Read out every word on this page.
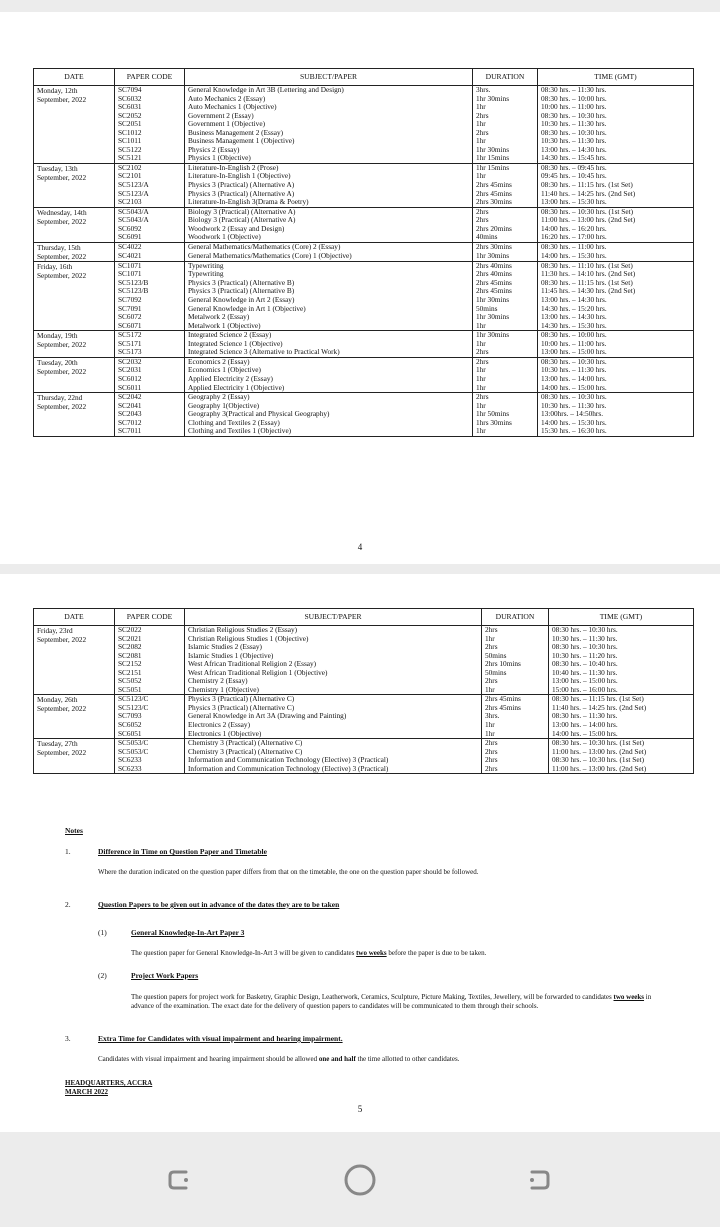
DATE	PAPER CODE	SUBJECT/PAPER	DURATION	TIME (GMT)

Monday, 12th
September, 2022	SC7094	General Knowledge in Art 3B (Lettering and Design)	3hrs.	08:30 hrs. – 11:30 hrs.
	SC6032	Auto Mechanics 2 (Essay)	1hr 30mins	08:30 hrs. – 10:00 hrs.
	SC6031	Auto Mechanics 1 (Objective)	1hr	10:00 hrs. – 11:00 hrs.
	SC2052	Government 2 (Essay)	2hrs	08:30 hrs. – 10:30 hrs.
	SC2051	Government 1 (Objective)	1hr	10:30 hrs. – 11:30 hrs.
	SC1012	Business Management 2 (Essay)	2hrs	08:30 hrs. – 10:30 hrs.
	SC1011	Business Management 1 (Objective)	1hr	10:30 hrs. – 11:30 hrs.
	SC5122	Physics 2 (Essay)	1hr 30mins	13:00 hrs. – 14:30 hrs.
	SC5121	Physics 1 (Objective)	1hr 15mins	14:30 hrs. – 15:45 hrs.

Tuesday, 13th
September, 2022	SC2102	Literature-In-English 2 (Prose)	1hr 15mins	08:30 hrs. – 09:45 hrs.
	SC2101	Literature-In-English 1 (Objective)	1hr	09:45 hrs. – 10:45 hrs.
	SC5123/A	Physics 3 (Practical) (Alternative A)	2hrs 45mins	08:30 hrs. – 11:15 hrs. (1st Set)
	SC5123/A	Physics 3 (Practical) (Alternative A)	2hrs 45mins	11:40 hrs. – 14:25 hrs. (2nd Set)
	SC2103	Literature-In-English 3(Drama & Poetry)	2hrs 30mins	13:00 hrs. – 15:30 hrs.

Wednesday, 14th
September, 2022	SC5043/A	Biology 3 (Practical) (Alternative A)	2hrs	08:30 hrs. – 10:30 hrs. (1st Set)
	SC5043/A	Biology 3 (Practical) (Alternative A)	2hrs	11:00 hrs. – 13:00 hrs. (2nd Set)
	SC6092	Woodwork 2 (Essay and Design)	2hrs 20mins	14:00 hrs. – 16:20 hrs.
	SC6091	Woodwork 1 (Objective)	40mins	16:20 hrs. – 17:00 hrs.

Thursday, 15th
September, 2022	SC4022	General Mathematics/Mathematics (Core) 2 (Essay)	2hrs 30mins	08:30 hrs. – 11:00 hrs.
	SC4021	General Mathematics/Mathematics (Core) 1 (Objective)	1hr 30mins	14:00 hrs. – 15:30 hrs.

Friday, 16th
September, 2022	SC1071	Typewriting	2hrs 40mins	08:30 hrs. – 11:10 hrs. (1st Set)
	SC1071	Typewriting	2hrs 40mins	11:30 hrs. – 14:10 hrs. (2nd Set)
	SC5123/B	Physics 3 (Practical) (Alternative B)	2hrs 45mins	08:30 hrs. – 11:15 hrs. (1st Set)
	SC5123/B	Physics 3 (Practical) (Alternative B)	2hrs 45mins	11:45 hrs. – 14:30 hrs. (2nd Set)
	SC7092	General Knowledge in Art 2 (Essay)	1hr 30mins	13:00 hrs. – 14:30 hrs.
	SC7091	General Knowledge in Art 1 (Objective)	50mins	14:30 hrs. – 15:20 hrs.
	SC6072	Metalwork 2 (Essay)	1hr 30mins	13:00 hrs. – 14:30 hrs.
	SC6071	Metalwork 1 (Objective)	1hr	14:30 hrs. – 15:30 hrs.

Monday, 19th
September, 2022	SC5172	Integrated Science 2 (Essay)	1hr 30mins	08:30 hrs. – 10:00 hrs.
	SC5171	Integrated Science 1 (Objective)	1hr	10:00 hrs. – 11:00 hrs.
	SC5173	Integrated Science 3 (Alternative to Practical Work)	2hrs	13:00 hrs. – 15:00 hrs.

Tuesday, 20th
September, 2022	SC2032	Economics 2 (Essay)	2hrs	08:30 hrs. – 10:30 hrs.
	SC2031	Economics 1 (Objective)	1hr	10:30 hrs. – 11:30 hrs.
	SC6012	Applied Electricity 2 (Essay)	1hr	13:00 hrs. – 14:00 hrs.
	SC6011	Applied Electricity 1 (Objective)	1hr	14:00 hrs. – 15:00 hrs.

Thursday, 22nd
September, 2022	SC2042	Geography 2 (Essay)	2hrs	08:30 hrs. – 10:30 hrs.
	SC2041	Geography 1(Objective)	1hr	10:30 hrs. – 11:30 hrs.
	SC2043	Geography 3(Practical and Physical Geography)	1hr 50mins	13:00hrs. – 14:50hrs.
	SC7012	Clothing and Textiles 2 (Essay)	1hrs 30mins	14:00 hrs. – 15:30 hrs.
	SC7011	Clothing and Textiles 1 (Objective)	1hr	15:30 hrs. – 16:30 hrs.
4
DATE	PAPER CODE	SUBJECT/PAPER	DURATION	TIME (GMT)

Friday, 23rd
September, 2022	SC2022	Christian Religious Studies 2 (Essay)	2hrs	08:30 hrs. – 10:30 hrs.
	SC2021	Christian Religious Studies 1 (Objective)	1hr	10:30 hrs. – 11:30 hrs.
	SC2082	Islamic Studies 2 (Essay)	2hrs	08:30 hrs. – 10:30 hrs.
	SC2081	Islamic Studies 1 (Objective)	50mins	10:30 hrs. – 11:20 hrs.
	SC2152	West African Traditional Religion 2 (Essay)	2hrs 10mins	08:30 hrs. – 10:40 hrs.
	SC2151	West African Traditional Religion 1 (Objective)	50mins	10:40 hrs. – 11:30 hrs.
	SC5052	Chemistry 2 (Essay)	2hrs	13:00 hrs. – 15:00 hrs.
	SC5051	Chemistry 1 (Objective)	1hr	15:00 hrs. – 16:00 hrs.

Monday, 26th
September, 2022	SC5123/C	Physics 3 (Practical) (Alternative C)	2hrs 45mins	08:30 hrs. – 11:15 hrs. (1st Set)
	SC5123/C	Physics 3 (Practical) (Alternative C)	2hrs 45mins	11:40 hrs. – 14:25 hrs. (2nd Set)
	SC7093	General Knowledge in Art 3A (Drawing and Painting)	3hrs.	08:30 hrs. – 11:30 hrs.
	SC6052	Electronics 2 (Essay)	1hr	13:00 hrs. – 14:00 hrs.
	SC6051	Electronics 1 (Objective)	1hr	14:00 hrs. – 15:00 hrs.

Tuesday, 27th
September, 2022	SC5053/C	Chemistry 3 (Practical) (Alternative C)	2hrs	08:30 hrs. – 10:30 hrs. (1st Set)
	SC5053/C	Chemistry 3 (Practical) (Alternative C)	2hrs	11:00 hrs. – 13:00 hrs. (2nd Set)
	SC6233	Information and Communication Technology (Elective) 3 (Practical)	2hrs	08:30 hrs. – 10:30 hrs. (1st Set)
	SC6233	Information and Communication Technology (Elective) 3 (Practical)	2hrs	11:00 hrs. – 13:00 hrs. (2nd Set)
Notes
1.	Difference in Time on Question Paper and Timetable
Where the duration indicated on the question paper differs from that on the timetable, the one on the question paper should be followed.
2.	Question Papers to be given out in advance of the dates they are to be taken
(1)	General Knowledge-In-Art Paper 3
The question paper for General Knowledge-In-Art 3 will be given to candidates two weeks before the paper is due to be taken.
(2)	Project Work Papers
The question papers for project work for Basketry, Graphic Design, Leatherwork, Ceramics, Sculpture, Picture Making, Textiles, Jewellery, will be forwarded to candidates two weeks in advance of the examination. The exact date for the delivery of question papers to candidates will be communicated to them through their schools.
3.	Extra Time for Candidates with visual impairment and hearing impairment.
Candidates with visual impairment and hearing impairment should be allowed one and half the time allotted to other candidates.
HEADQUARTERS, ACCRA
MARCH 2022
5
